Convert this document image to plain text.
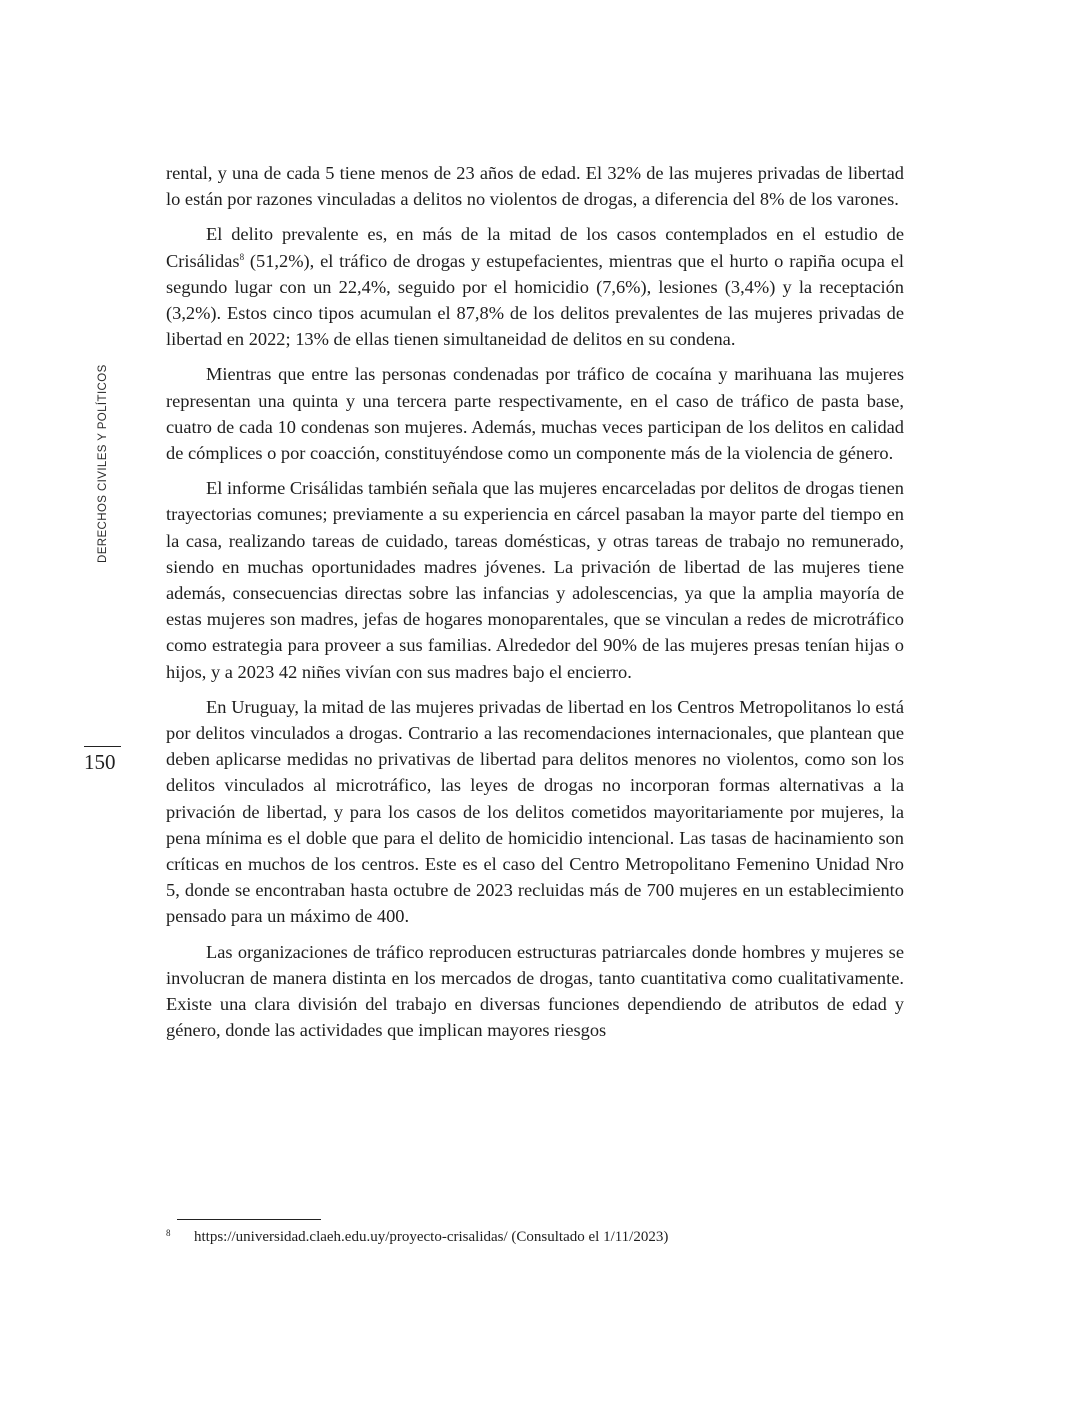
DERECHOS CIVILES Y POLÍTICOS
150

rental, y una de cada 5 tiene menos de 23 años de edad. El 32% de las mujeres privadas de libertad lo están por razones vinculadas a delitos no violentos de drogas, a diferencia del 8% de los varones.

El delito prevalente es, en más de la mitad de los casos contemplados en el estudio de Crisálidas$^8$ (51,2%), el tráfico de drogas y estupefacientes, mientras que el hurto o rapiña ocupa el segundo lugar con un 22,4%, seguido por el homicidio (7,6%), lesiones (3,4%) y la receptación (3,2%). Estos cinco tipos acumulan el 87,8% de los delitos prevalentes de las mujeres privadas de libertad en 2022; 13% de ellas tienen simultaneidad de delitos en su condena.

Mientras que entre las personas condenadas por tráfico de cocaína y marihuana las mujeres representan una quinta y una tercera parte respectivamente, en el caso de tráfico de pasta base, cuatro de cada 10 condenas son mujeres. Además, muchas veces participan de los delitos en calidad de cómplices o por coacción, constituyéndose como un componente más de la violencia de género.

El informe Crisálidas también señala que las mujeres encarceladas por delitos de drogas tienen trayectorias comunes; previamente a su experiencia en cárcel pasaban la mayor parte del tiempo en la casa, realizando tareas de cuidado, tareas domésticas, y otras tareas de trabajo no remunerado, siendo en muchas oportunidades madres jóvenes. La privación de libertad de las mujeres tiene además, consecuencias directas sobre las infancias y adolescencias, ya que la amplia mayoría de estas mujeres son madres, jefas de hogares monoparentales, que se vinculan a redes de microtráfico como estrategia para proveer a sus familias. Alrededor del 90% de las mujeres presas tenían hijas o hijos, y a 2023 42 niñes vivían con sus madres bajo el encierro.

En Uruguay, la mitad de las mujeres privadas de libertad en los Centros Metropolitanos lo está por delitos vinculados a drogas. Contrario a las recomendaciones internacionales, que plantean que deben aplicarse medidas no privativas de libertad para delitos menores no violentos, como son los delitos vinculados al microtráfico, las leyes de drogas no incorporan formas alternativas a la privación de libertad, y para los casos de los delitos cometidos mayoritariamente por mujeres, la pena mínima es el doble que para el delito de homicidio intencional. Las tasas de hacinamiento son críticas en muchos de los centros. Este es el caso del Centro Metropolitano Femenino Unidad Nro 5, donde se encontraban hasta octubre de 2023 recluidas más de 700 mujeres en un establecimiento pensado para un máximo de 400.

Las organizaciones de tráfico reproducen estructuras patriarcales donde hombres y mujeres se involucran de manera distinta en los mercados de drogas, tanto cuantitativa como cualitativamente. Existe una clara división del trabajo en diversas funciones dependiendo de atributos de edad y género, donde las actividades que implican mayores riesgos

8 https://universidad.claeh.edu.uy/proyecto-crisalidas/ (Consultado el 1/11/2023)
